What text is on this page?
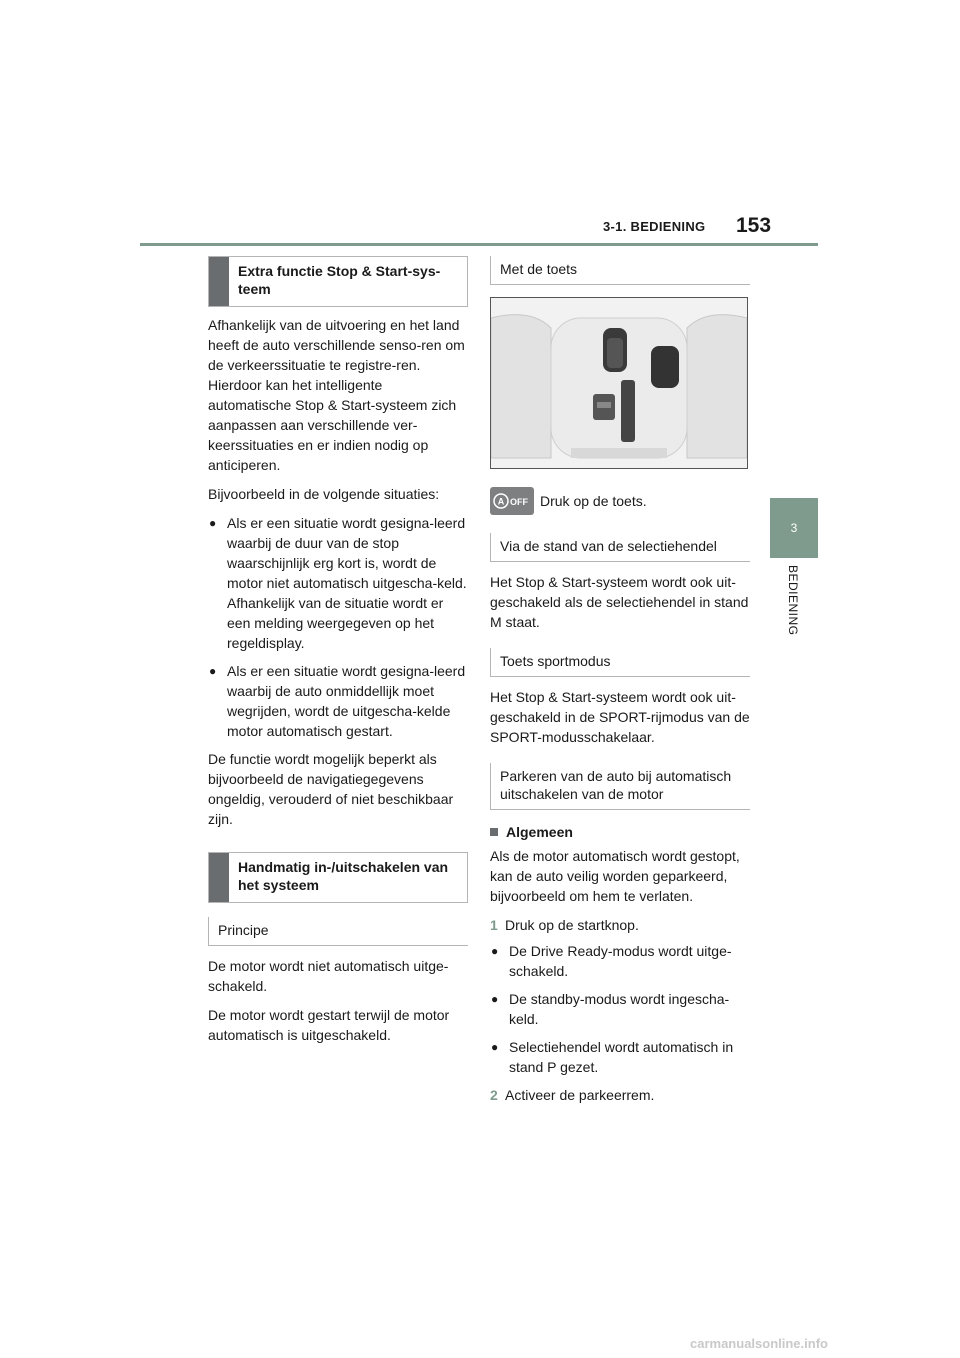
3-1. BEDIENING 153
3
BEDIENING
Extra functie Stop & Start-sys-teem

Afhankelijk van de uitvoering en het land heeft de auto verschillende senso-ren om de verkeerssituatie te registre-ren. Hierdoor kan het intelligente automatische Stop & Start-systeem zich aanpassen aan verschillende ver-keerssituaties en er indien nodig op anticiperen.

Bijvoorbeeld in de volgende situaties:

● Als er een situatie wordt gesigna-leerd waarbij de duur van de stop waarschijnlijk erg kort is, wordt de motor niet automatisch uitgescha-keld. Afhankelijk van de situatie wordt er een melding weergegeven op het regeldisplay.
● Als er een situatie wordt gesigna-leerd waarbij de auto onmiddellijk moet wegrijden, wordt de uitgescha-kelde motor automatisch gestart.

De functie wordt mogelijk beperkt als bijvoorbeeld de navigatiegegevens ongeldig, verouderd of niet beschikbaar zijn.

Handmatig in-/uitschakelen van het systeem
Principe

De motor wordt niet automatisch uitge-schakeld.

De motor wordt gestart terwijl de motor automatisch is uitgeschakeld.

Met de toets
A OFF Druk op de toets.
Via de stand van de selectiehendel

Het Stop & Start-systeem wordt ook uit-geschakeld als de selectiehendel in stand M staat.

Toets sportmodus

Het Stop & Start-systeem wordt ook uit-geschakeld in de SPORT-rijmodus van de SPORT-modusschakelaar.

Parkeren van de auto bij automatisch uitschakelen van de motor
Algemeen

Als de motor automatisch wordt gestopt, kan de auto veilig worden geparkeerd, bijvoorbeeld om hem te verlaten.

1 Druk op de startknop.
● De Drive Ready-modus wordt uitge-schakeld.
● De standby-modus wordt ingescha-keld.
● Selectiehendel wordt automatisch in stand P gezet.
2 Activeer de parkeerrem.
carmanualsonline.info
